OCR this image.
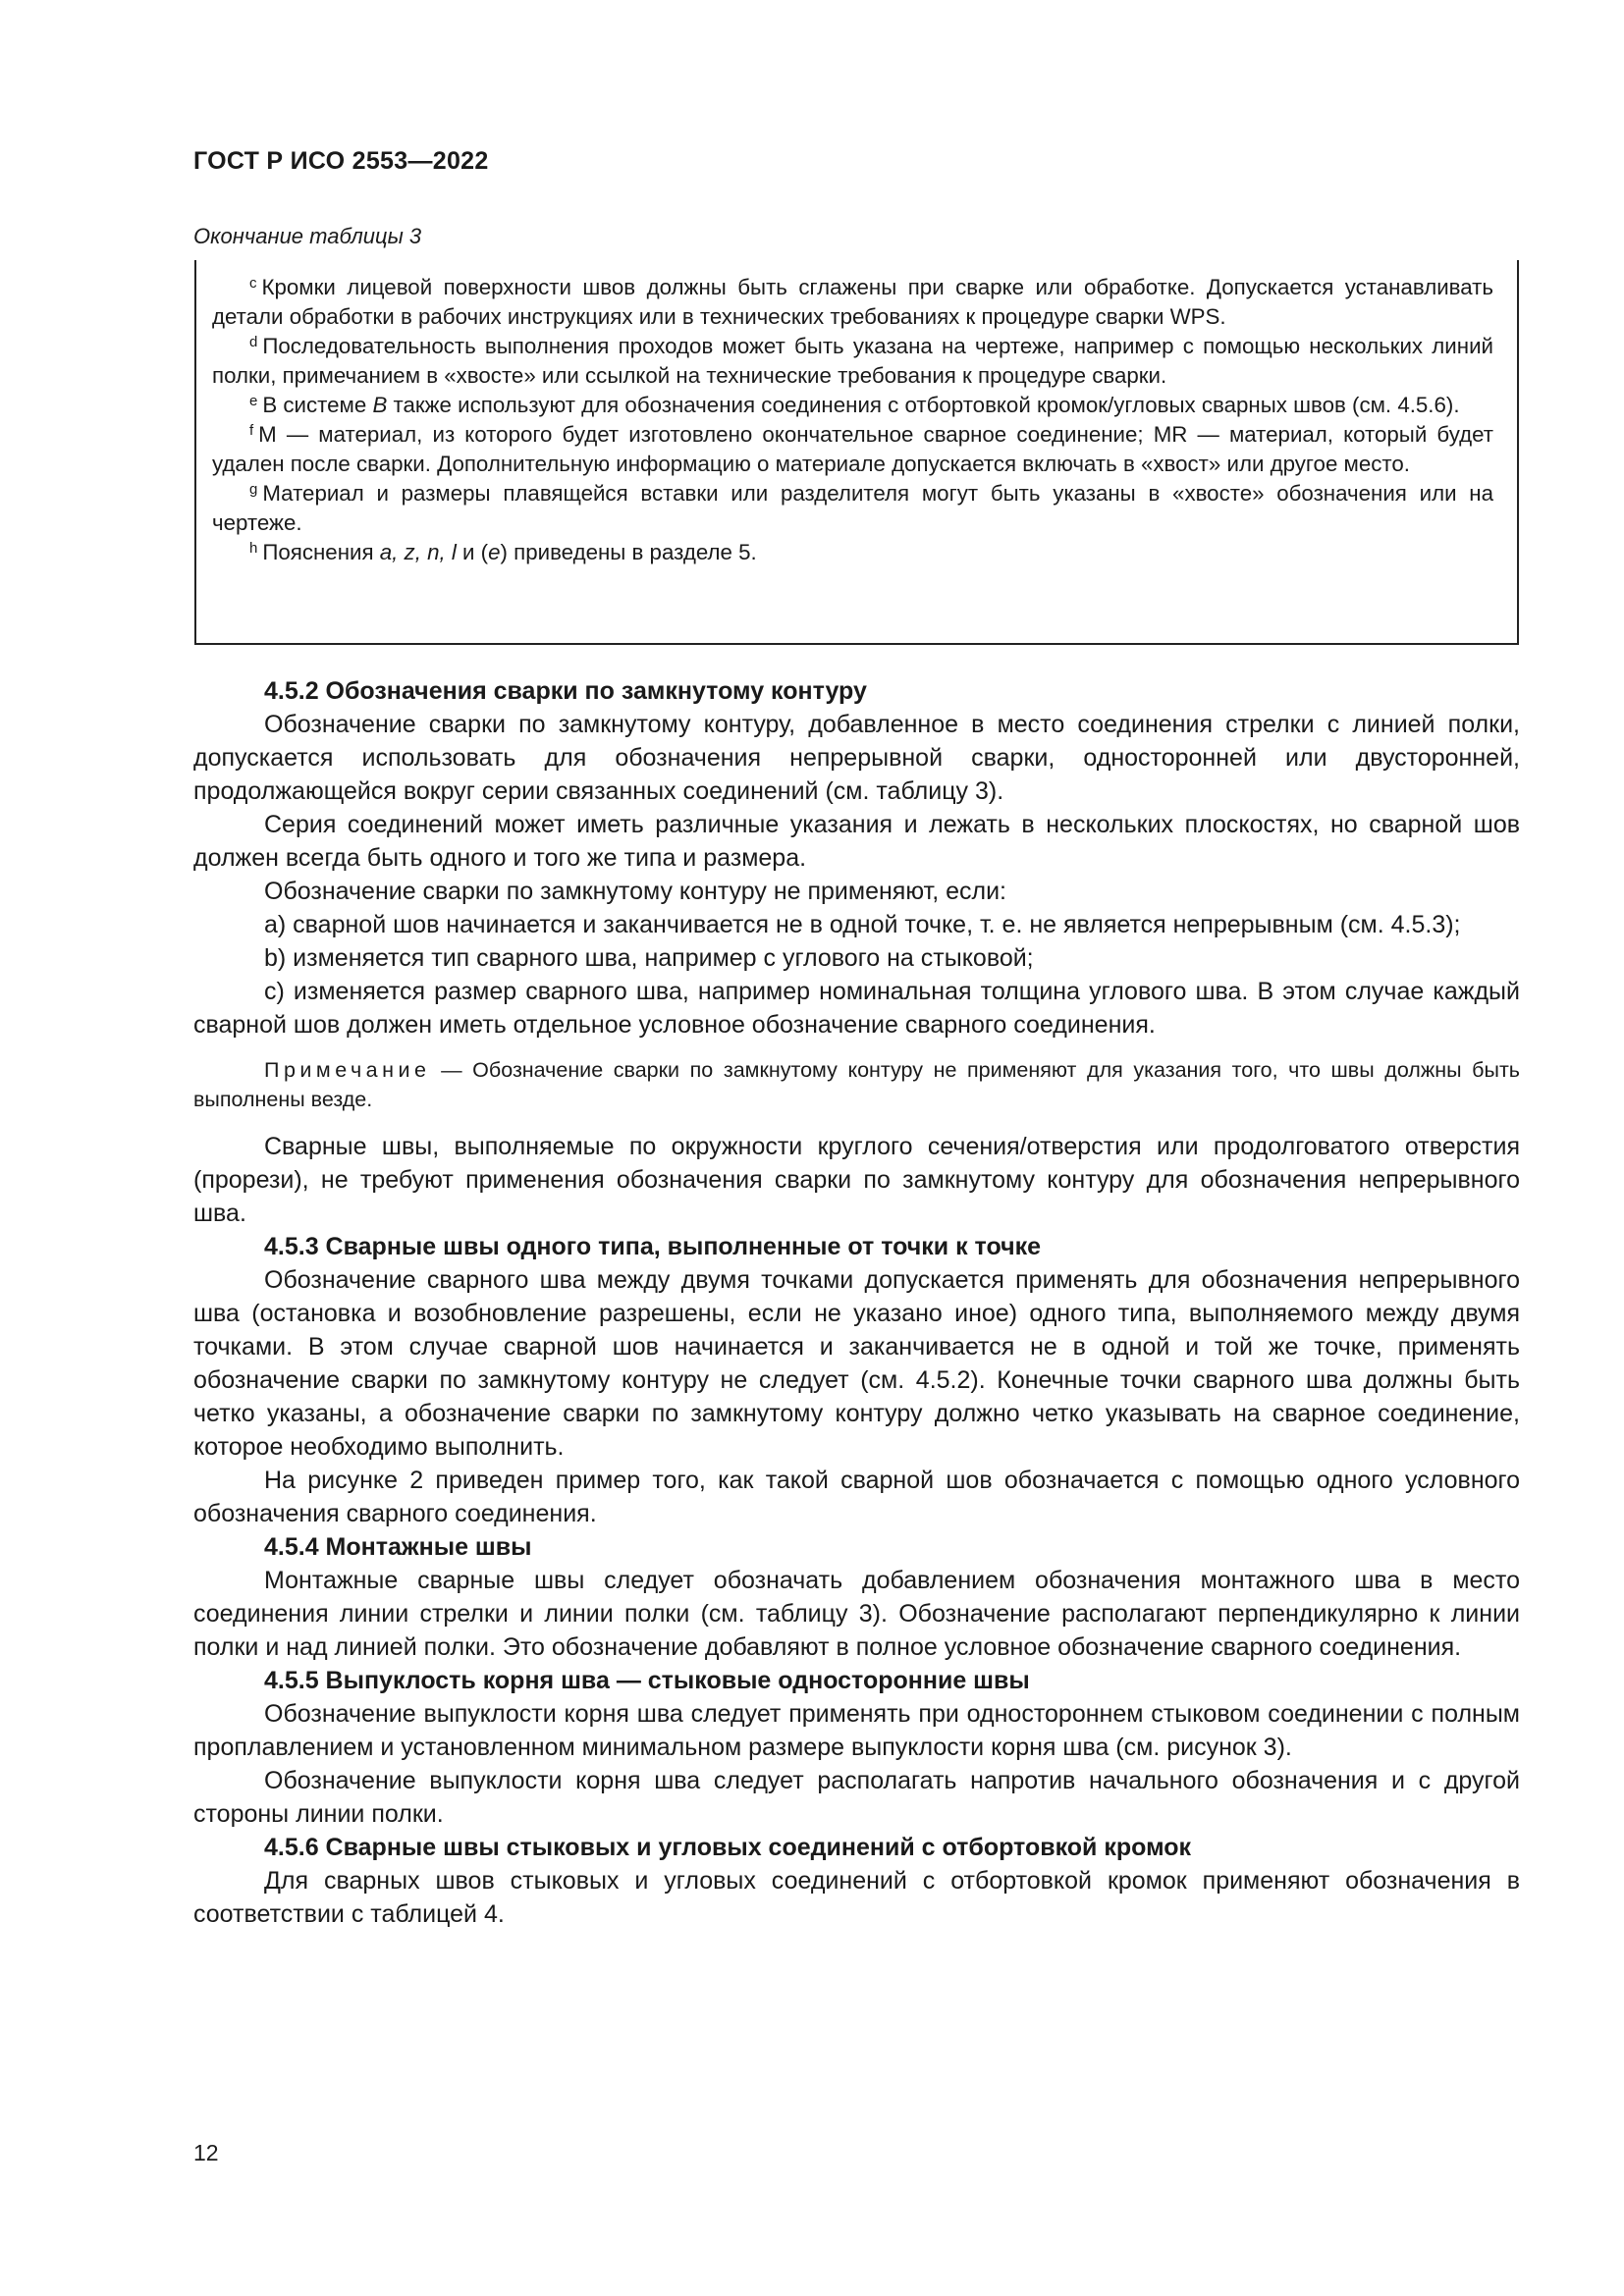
ГОСТ Р ИСО 2553—2022
Окончание таблицы 3

$^c$ Кромки лицевой поверхности швов должны быть сглажены при сварке или обработке. Допускается устанавливать детали обработки в рабочих инструкциях или в технических требованиях к процедуре сварки WPS.

$^d$ Последовательность выполнения проходов может быть указана на чертеже, например с помощью нескольких линий полки, примечанием в «хвосте» или ссылкой на технические требования к процедуре сварки.

$^e$ В системе B также используют для обозначения соединения с отбортовкой кромок/угловых сварных швов (см. 4.5.6).

$^f$ М — материал, из которого будет изготовлено окончательное сварное соединение; МR — материал, который будет удален после сварки. Дополнительную информацию о материале допускается включать в «хвост» или другое место.

$^g$ Материал и размеры плавящейся вставки или разделителя могут быть указаны в «хвосте» обозначения или на чертеже.

$^h$ Пояснения a, z, n, l и (e) приведены в разделе 5.

4.5.2 Обозначения сварки по замкнутому контуру

Обозначение сварки по замкнутому контуру, добавленное в место соединения стрелки с линией полки, допускается использовать для обозначения непрерывной сварки, односторонней или двусторонней, продолжающейся вокруг серии связанных соединений (см. таблицу 3).

Серия соединений может иметь различные указания и лежать в нескольких плоскостях, но сварной шов должен всегда быть одного и того же типа и размера.

Обозначение сварки по замкнутому контуру не применяют, если:

a) сварной шов начинается и заканчивается не в одной точке, т. е. не является непрерывным (см. 4.5.3);

b) изменяется тип сварного шва, например с углового на стыковой;

c) изменяется размер сварного шва, например номинальная толщина углового шва. В этом случае каждый сварной шов должен иметь отдельное условное обозначение сварного соединения.

Примечание — Обозначение сварки по замкнутому контуру не применяют для указания того, что швы должны быть выполнены везде.

Сварные швы, выполняемые по окружности круглого сечения/отверстия или продолговатого отверстия (прорези), не требуют применения обозначения сварки по замкнутому контуру для обозначения непрерывного шва.

4.5.3 Сварные швы одного типа, выполненные от точки к точке

Обозначение сварного шва между двумя точками допускается применять для обозначения непрерывного шва (остановка и возобновление разрешены, если не указано иное) одного типа, выполняемого между двумя точками. В этом случае сварной шов начинается и заканчивается не в одной и той же точке, применять обозначение сварки по замкнутому контуру не следует (см. 4.5.2). Конечные точки сварного шва должны быть четко указаны, а обозначение сварки по замкнутому контуру должно четко указывать на сварное соединение, которое необходимо выполнить.

На рисунке 2 приведен пример того, как такой сварной шов обозначается с помощью одного условного обозначения сварного соединения.

4.5.4 Монтажные швы

Монтажные сварные швы следует обозначать добавлением обозначения монтажного шва в место соединения линии стрелки и линии полки (см. таблицу 3). Обозначение располагают перпендикулярно к линии полки и над линией полки. Это обозначение добавляют в полное условное обозначение сварного соединения.

4.5.5 Выпуклость корня шва — стыковые односторонние швы

Обозначение выпуклости корня шва следует применять при одностороннем стыковом соединении с полным проплавлением и установленном минимальном размере выпуклости корня шва (см. рисунок 3).

Обозначение выпуклости корня шва следует располагать напротив начального обозначения и с другой стороны линии полки.

4.5.6 Сварные швы стыковых и угловых соединений с отбортовкой кромок

Для сварных швов стыковых и угловых соединений с отбортовкой кромок применяют обозначения в соответствии с таблицей 4.

12
